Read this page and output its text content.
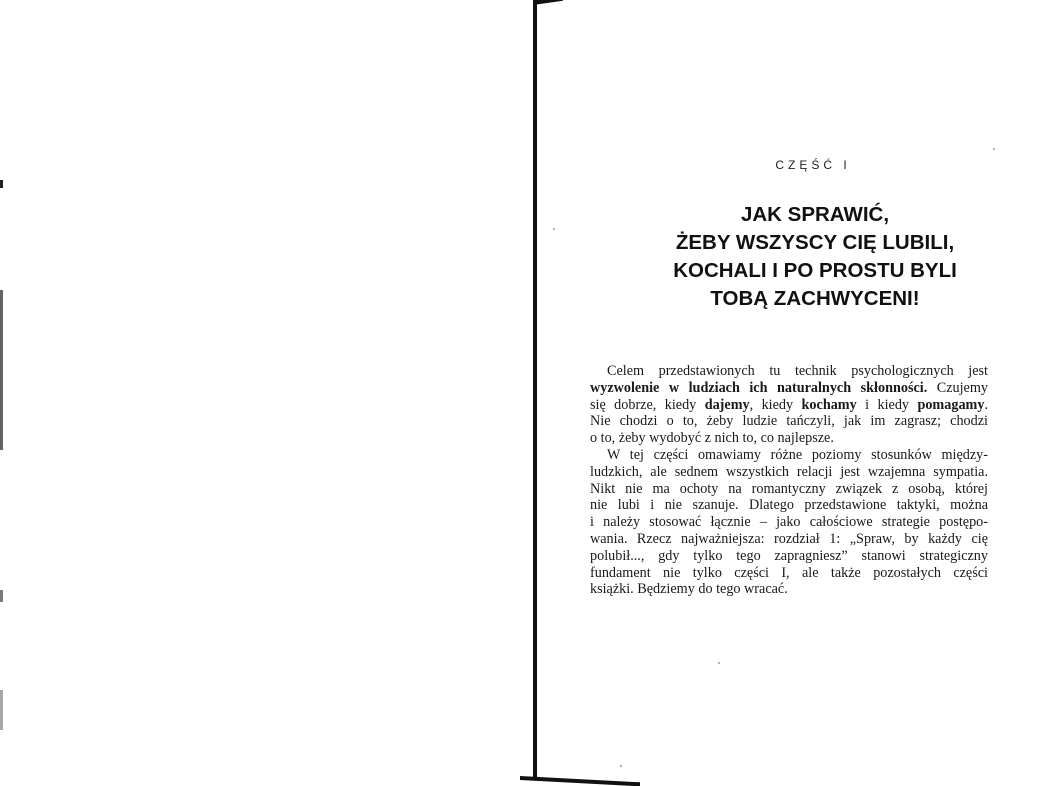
CZĘŚĆ I
JAK SPRAWIĆ,
ŻEBY WSZYSCY CIĘ LUBILI,
KOCHALI I PO PROSTU BYLI
TOBĄ ZACHWYCENI!
Celem przedstawionych tu technik psychologicznych jest
wyzwolenie w ludziach ich naturalnych skłonności. Czujemy
się dobrze, kiedy dajemy, kiedy kochamy i kiedy pomagamy.
Nie chodzi o to, żeby ludzie tańczyli, jak im zagrasz; chodzi
o to, żeby wydobyć z nich to, co najlepsze.
W tej części omawiamy różne poziomy stosunków między-
ludzkich, ale sednem wszystkich relacji jest wzajemna sympatia.
Nikt nie ma ochoty na romantyczny związek z osobą, której
nie lubi i nie szanuje. Dlatego przedstawione taktyki, można
i należy stosować łącznie – jako całościowe strategie postępo-
wania. Rzecz najważniejsza: rozdział 1: „Spraw, by każdy cię
polubił..., gdy tylko tego zapragniesz” stanowi strategiczny
fundament nie tylko części I, ale także pozostałych części
książki. Będziemy do tego wracać.
